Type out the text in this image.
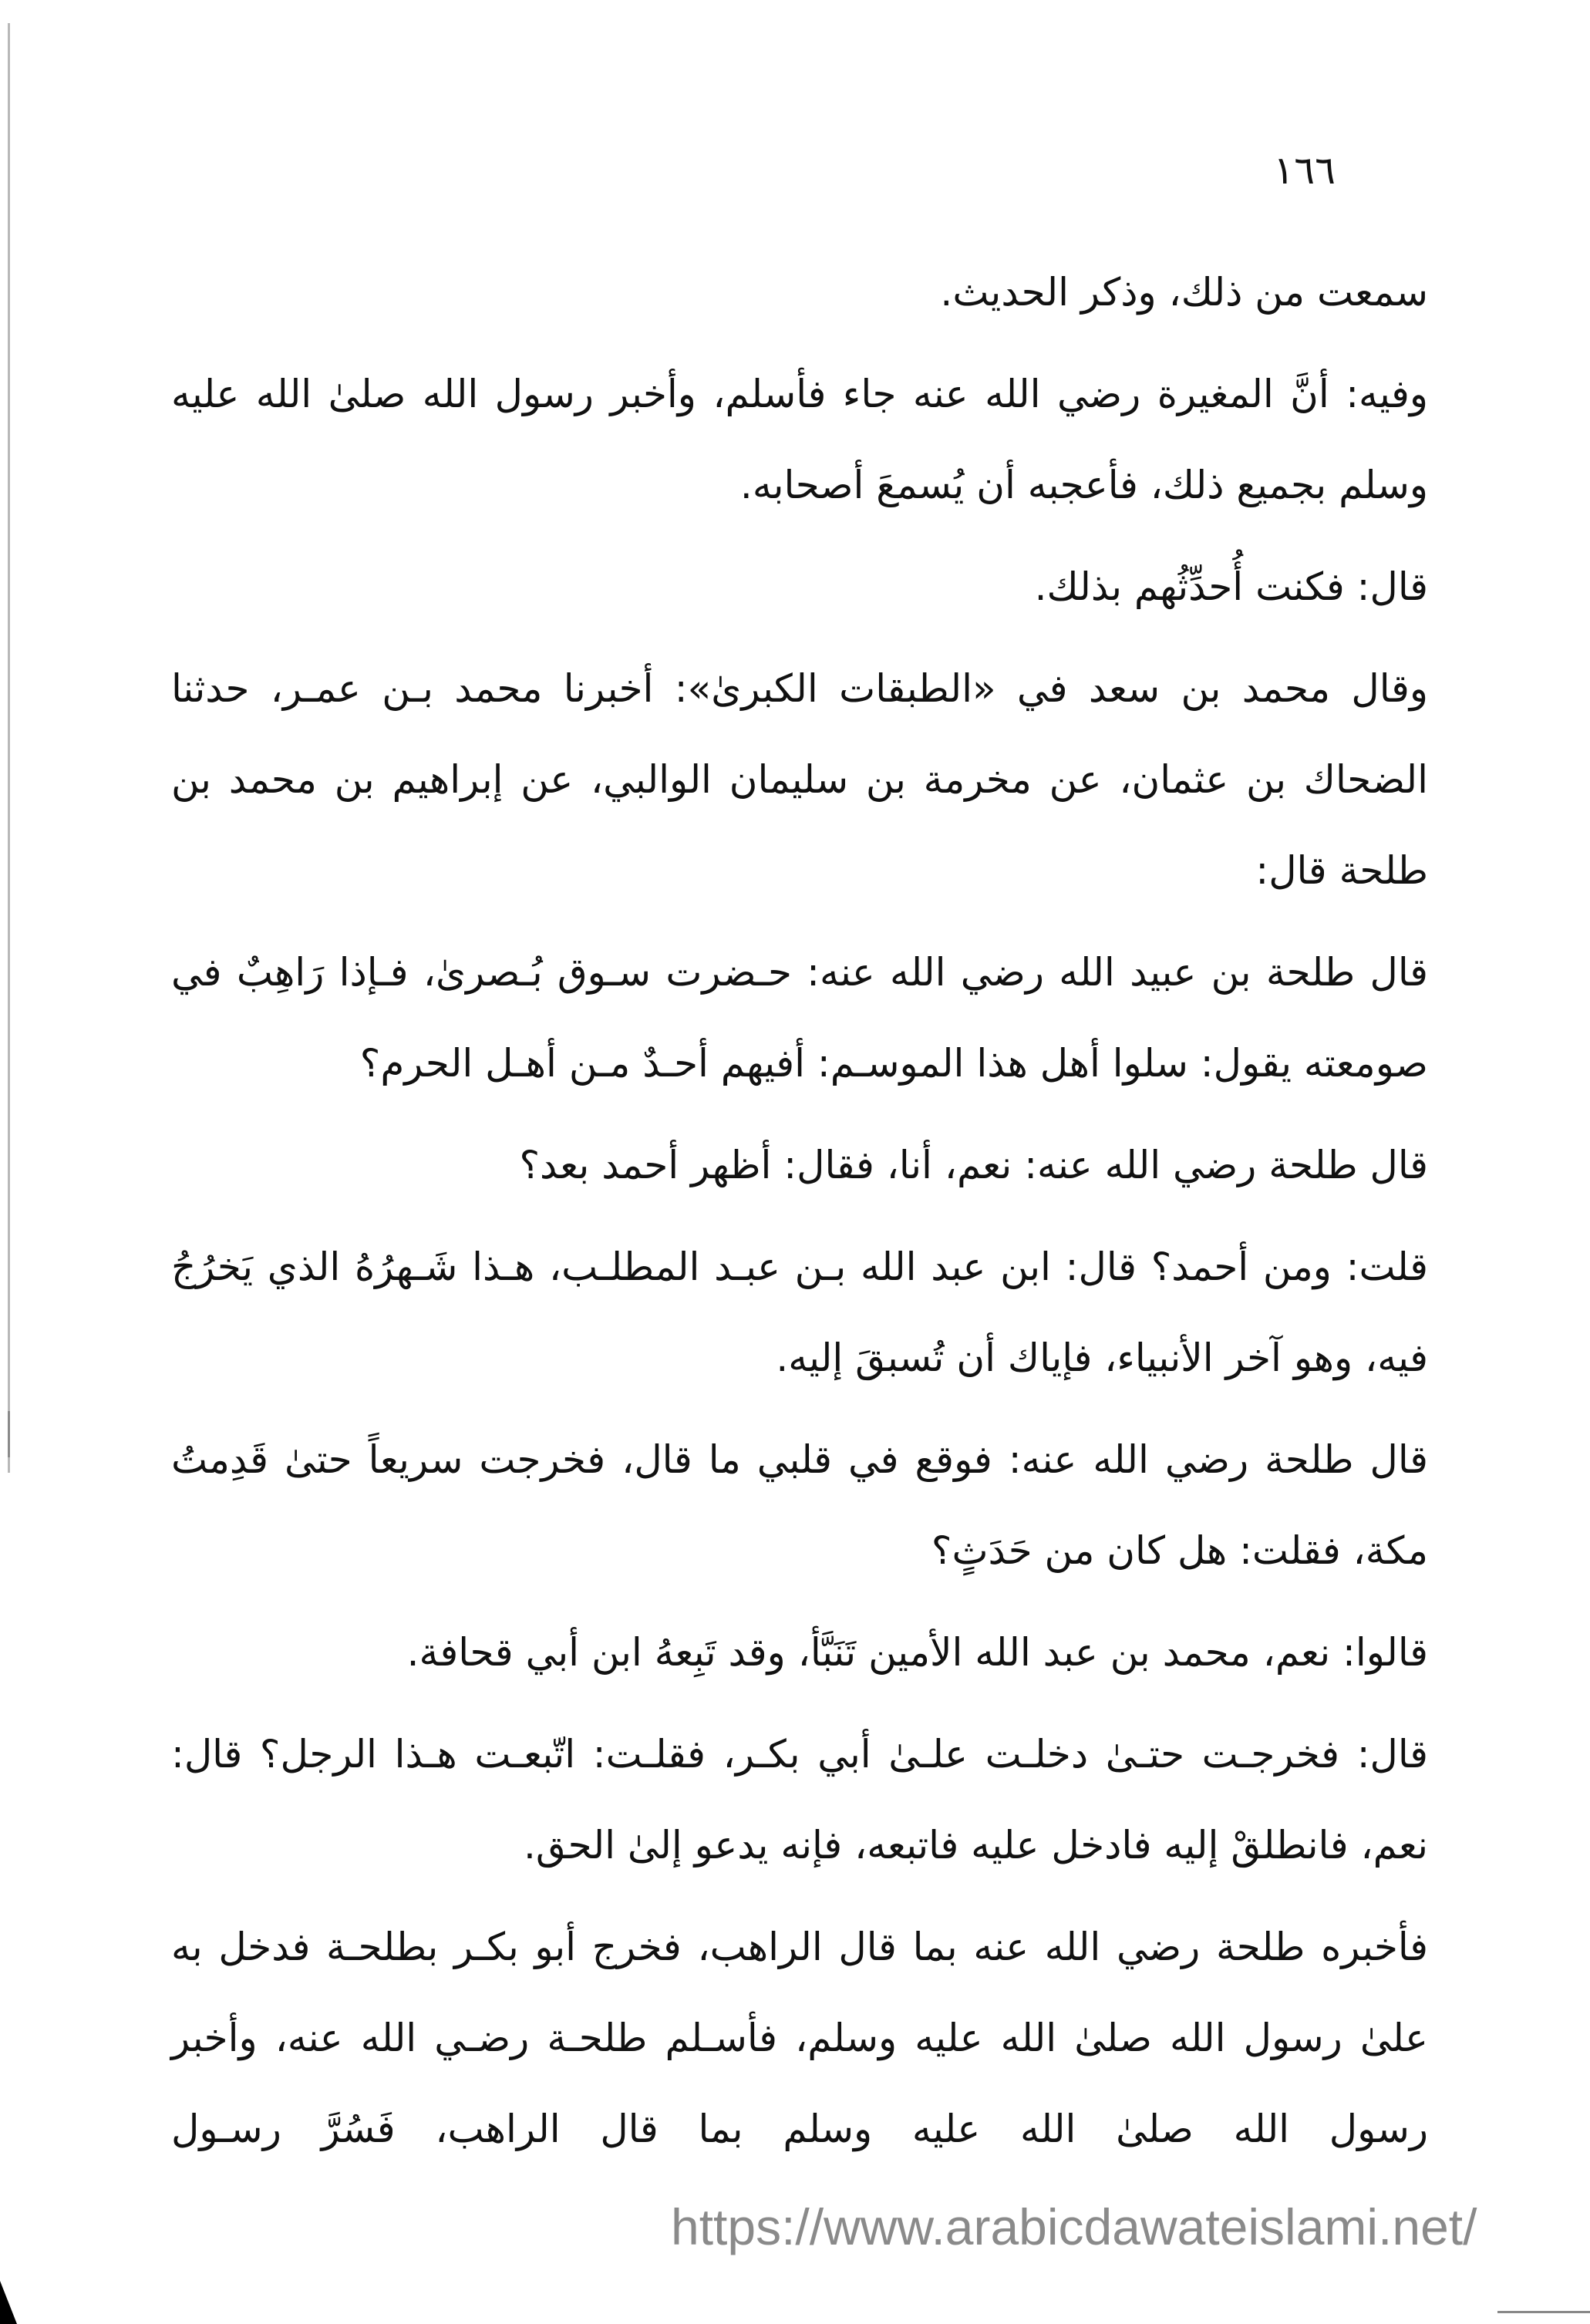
١٦٦

سمعت من ذلك، وذكر الحديث.

وفيه: أنَّ المغيرة رضي الله عنه جاء فأسلم، وأخبر رسول الله صلىٰ الله عليه وسلم بجميع ذلك، فأعجبه أن يُسمعَ أصحابه.

قال: فكنت أُحدِّثُهم بذلك.

وقال محمد بن سعد في «الطبقات الكبرىٰ»: أخبرنا محمد بـن عمـر، حدثنا الضحاك بن عثمان، عن مخرمة بن سليمان الوالبي، عن إبراهيم بن محمد بن طلحة قال:

قال طلحة بن عبيد الله رضي الله عنه: حـضرت سـوق بُـصرىٰ، فـإذا رَاهِبٌ في صومعته يقول: سلوا أهل هذا الموسـم: أفيهم أحـدٌ مـن أهـل الحرم؟

قال طلحة رضي الله عنه: نعم، أنا، فقال: أظهر أحمد بعد؟

قلت: ومن أحمد؟ قال: ابن عبد الله بـن عبـد المطلـب، هـذا شَـهرُهُ الذي يَخرُجُ فيه، وهو آخر الأنبياء، فإياك أن تُسبقَ إليه.

قال طلحة رضي الله عنه: فوقع في قلبي ما قال، فخرجت سريعاً حتىٰ قَدِمتُ مكة، فقلت: هل كان من حَدَثٍ؟

قالوا: نعم، محمد بن عبد الله الأمين تَنَبَّأ، وقد تَبِعهُ ابن أبي قحافة.

قال: فخرجـت حتـىٰ دخلـت علـىٰ أبي بكـر، فقلـت: اتّبعـت هـذا الرجل؟ قال: نعم، فانطلقْ إليه فادخل عليه فاتبعه، فإنه يدعو إلىٰ الحق.

فأخبره طلحة رضي الله عنه بما قال الراهب، فخرج أبو بكـر بطلحـة فدخل به علىٰ رسول الله صلىٰ الله عليه وسلم، فأسـلم طلحـة رضـي الله عنه، وأخبر رسول الله صلىٰ الله عليه وسلم بما قال الراهب، فَسُرَّ رسـول

https://www.arabicdawateislami.net/
